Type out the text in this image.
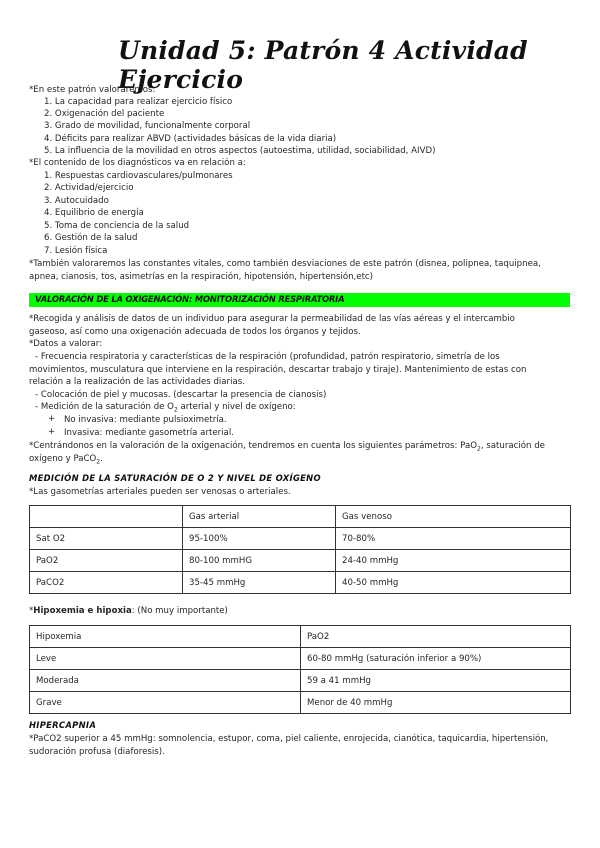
Unidad 5: Patrón 4 Actividad Ejercicio
*En este patrón valoraremos:
1. La capacidad para realizar ejercicio físico
2. Oxigenación del paciente
3. Grado de movilidad, funcionalmente corporal
4. Déficits para realizar ABVD (actividades básicas de la vida diaria)
5. La influencia de la movilidad en otros aspectos (autoestima, utilidad, sociabilidad, AIVD)
*El contenido de los diagnósticos va en relación a:
1. Respuestas cardiovasculares/pulmonares
2. Actividad/ejercicio
3. Autocuidado
4. Equilibrio de energía
5. Toma de conciencia de la salud
6. Gestión de la salud
7. Lesión física
*También valoraremos las constantes vitales, como también desviaciones de este patrón (disnea, polipnea, taquipnea,
apnea, cianosis, tos, asimetrías en la respiración, hipotensión, hipertensión,etc)
VALORACIÓN DE LA OXIGENACIÓN: MONITORIZACIÓN RESPIRATORIA
*Recogida y análisis de datos de un individuo para asegurar la permeabilidad de las vías aéreas y el intercambio
gaseoso, así como una oxigenación adecuada de todos los órganos y tejidos.
*Datos a valorar:
- Frecuencia respiratoria y características de la respiración (profundidad, patrón respiratorio, simetría de los
movimientos, musculatura que interviene en la respiración, descartar trabajo y tiraje). Mantenimiento de estas con
relación a la realización de las actividades diarias.
- Colocación de piel y mucosas. (descartar la presencia de cianosis)
- Medición de la saturación de $O_2$ arterial y nivel de oxígeno:
+ No invasiva: mediante pulsioximetría.
+ Invasiva: mediante gasometría arterial.
*Centrándonos en la valoración de la oxigenación, tendremos en cuenta los siguientes parámetros: PaO$_2$, saturación de
oxígeno y PaCO$_2$.
MEDICIÓN DE LA SATURACIÓN DE O 2 Y NIVEL DE OXÍGENO
*Las gasometrías arteriales pueden ser venosas o arteriales.
	Gas arterial	Gas venoso
Sat O2	95-100%	70-80%
PaO2	80-100 mmHG	24-40 mmHg
PaCO2	35-45 mmHg	40-50 mmHg
*Hipoxemia e hipoxia: (No muy importante)
Hipoxemia	PaO2
Leve	60-80 mmHg (saturación inferior a 90%)
Moderada	59 a 41 mmHg
Grave	Menor de 40 mmHg
HIPERCAPNIA
*PaCO2 superior a 45 mmHg: somnolencia, estupor, coma, piel caliente, enrojecida, cianótica, taquicardia, hipertensión,
sudoración profusa (diaforesis).
